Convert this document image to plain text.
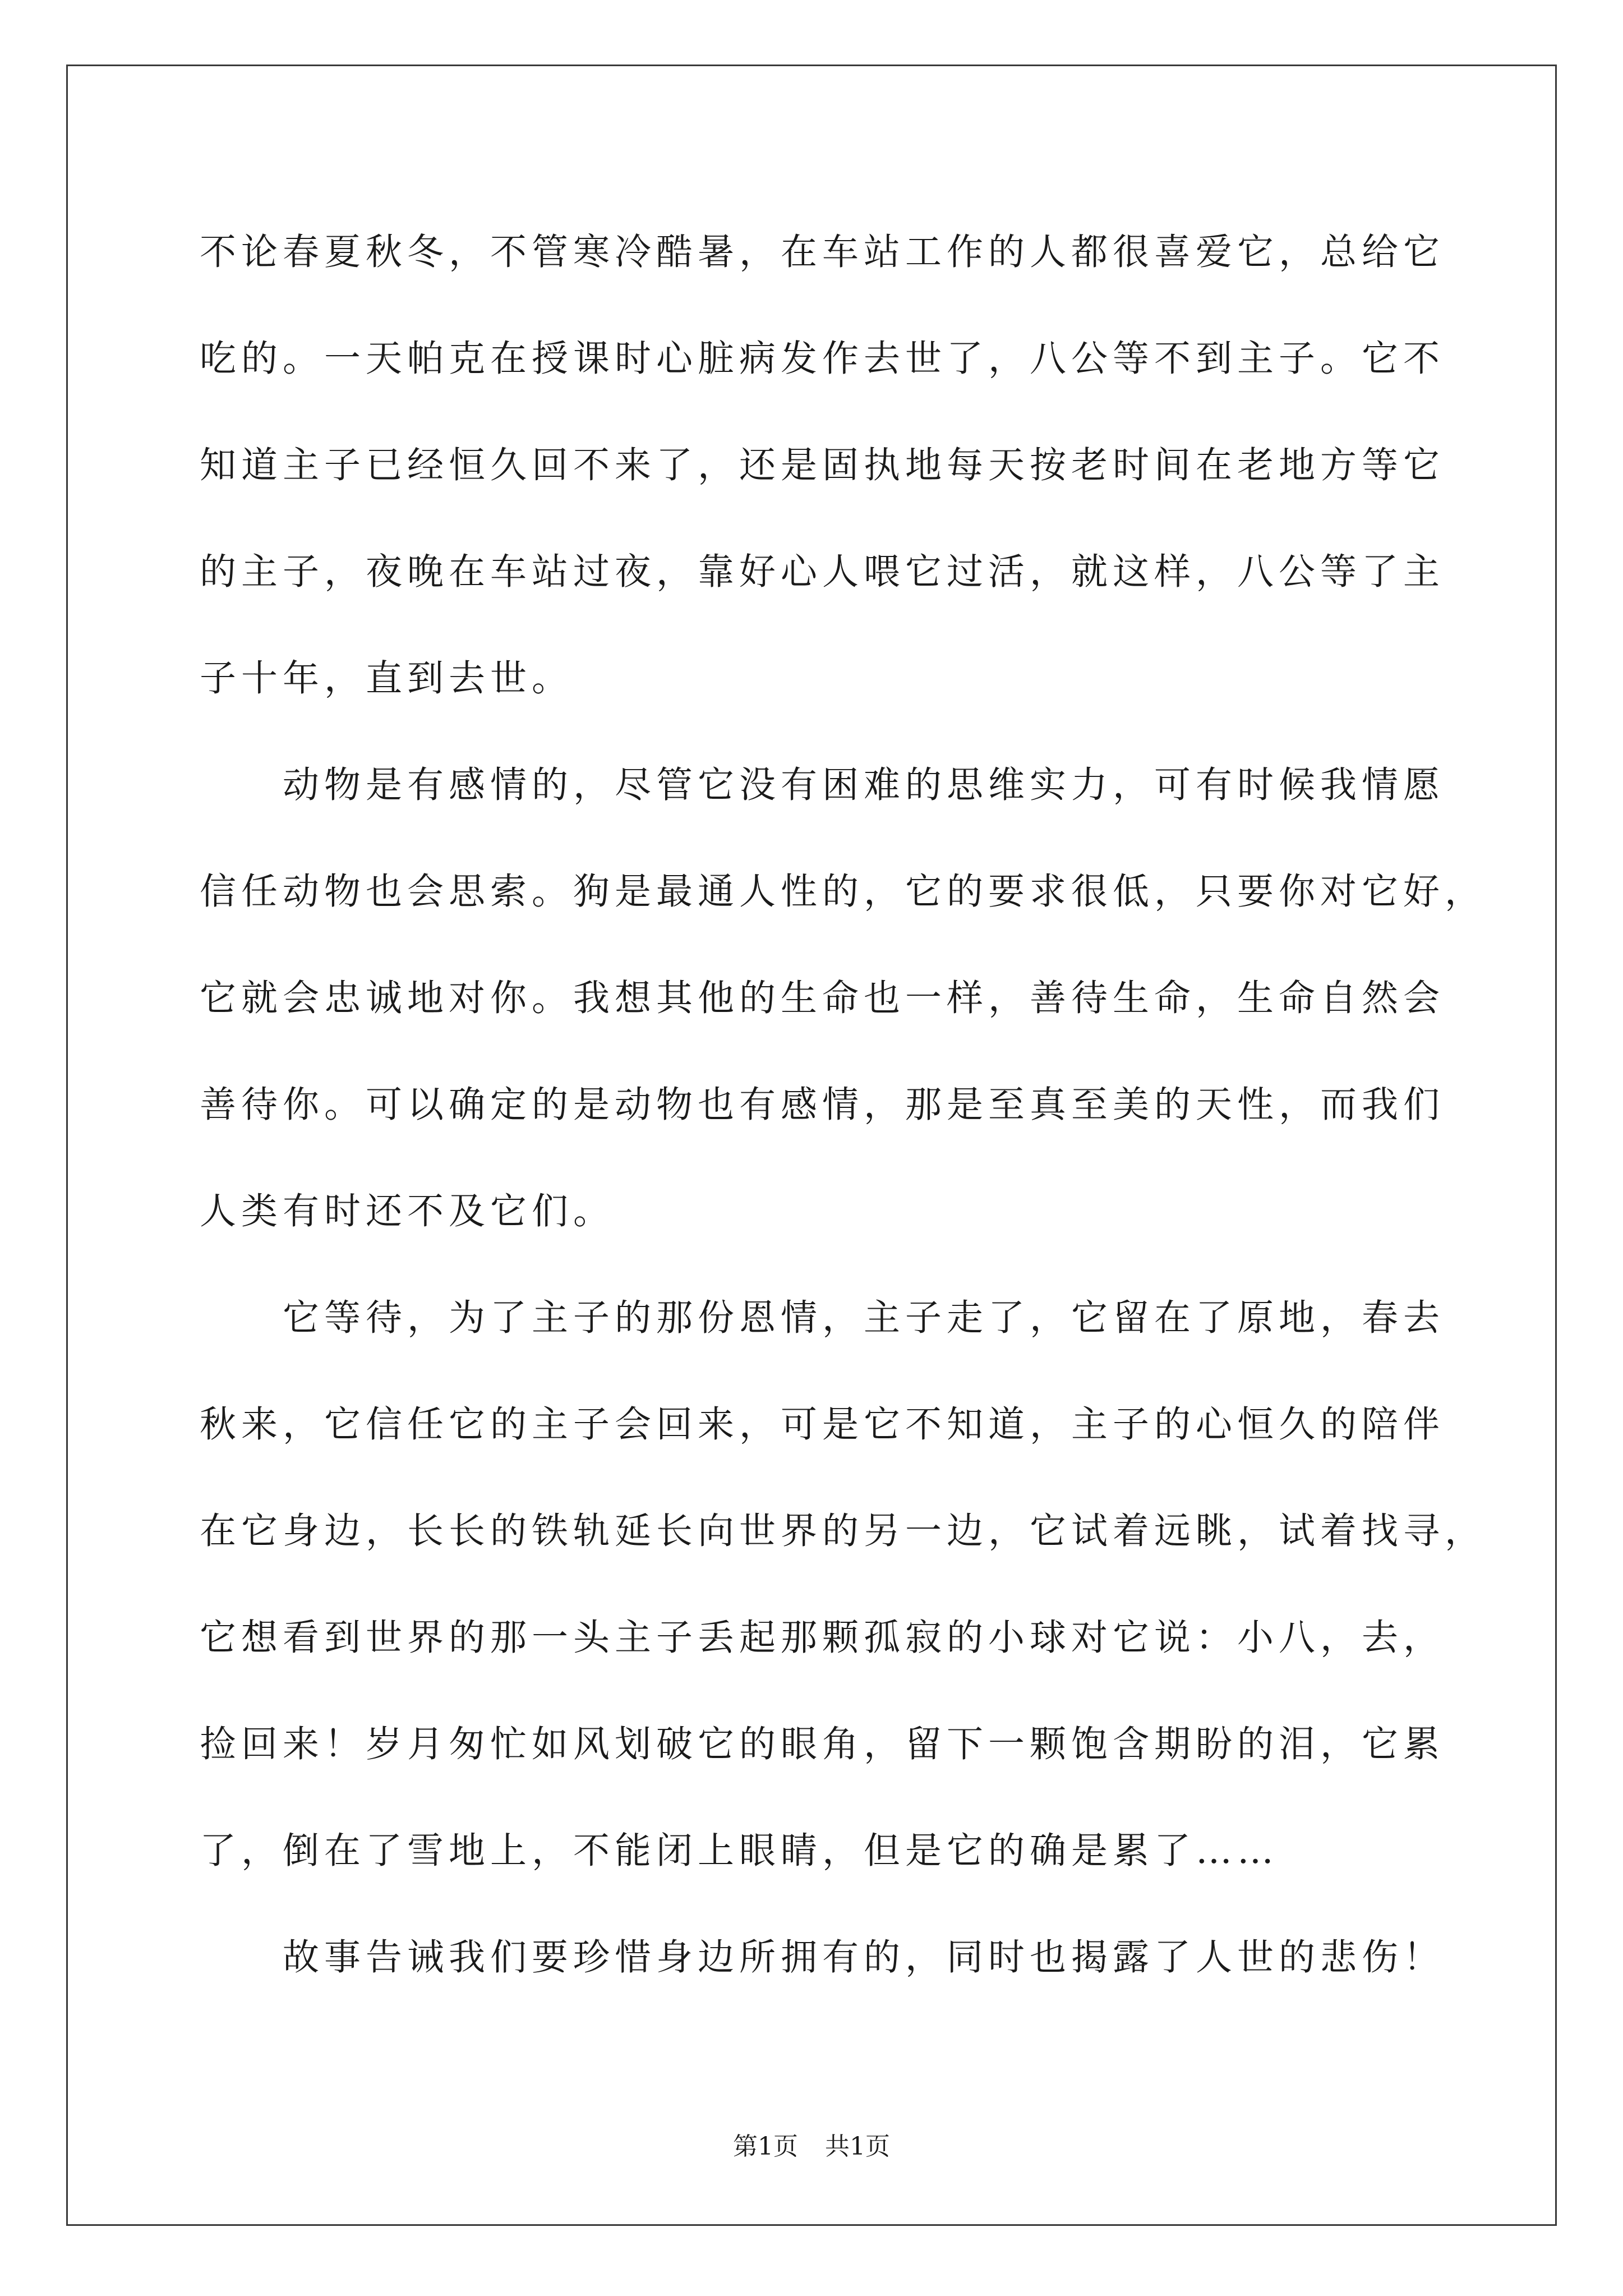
不论春夏秋冬，不管寒冷酷暑，在车站工作的人都很喜爱它，总给它
吃的。一天帕克在授课时心脏病发作去世了，八公等不到主子。它不
知道主子已经恒久回不来了，还是固执地每天按老时间在老地方等它
的主子，夜晚在车站过夜，靠好心人喂它过活，就这样，八公等了主
子十年，直到去世。
动物是有感情的，尽管它没有困难的思维实力，可有时候我情愿
信任动物也会思索。狗是最通人性的，它的要求很低，只要你对它好，
它就会忠诚地对你。我想其他的生命也一样，善待生命，生命自然会
善待你。可以确定的是动物也有感情，那是至真至美的天性，而我们
人类有时还不及它们。
它等待，为了主子的那份恩情，主子走了，它留在了原地，春去
秋来，它信任它的主子会回来，可是它不知道，主子的心恒久的陪伴
在它身边，长长的铁轨延长向世界的另一边，它试着远眺，试着找寻，
它想看到世界的那一头主子丢起那颗孤寂的小球对它说：小八，去，
捡回来！岁月匆忙如风划破它的眼角，留下一颗饱含期盼的泪，它累
了，倒在了雪地上，不能闭上眼睛，但是它的确是累了……
故事告诫我们要珍惜身边所拥有的，同时也揭露了人世的悲伤！
第1页 共1页
